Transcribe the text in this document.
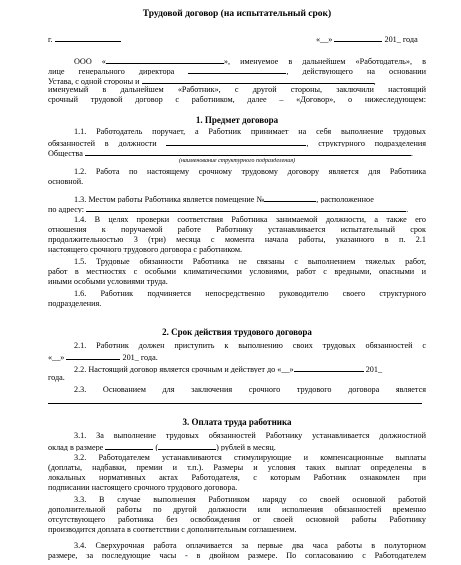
Трудовой договор (на испытательный срок)
г.	«__»	201_ года
ООО «	», именуемое в дальнейшем «Работодатель», в
лице генерального директора	, действующего на основании
Устава, с одной стороны и	,
именуемый в дальнейшем «Работник», с другой стороны, заключили настоящий
срочный трудовой договор с работником, далее – «Договор», о нижеследующем:
1. Предмет договора
1.1. Работодатель поручает, а Работник принимает на себя выполнение трудовых
обязанностей в должности	, структурного подразделения
Общества	.
(наименование структурного подразделения)
1.2. Работа по настоящему срочному трудовому договору является для Работника
основной.
1.3. Местом работы Работника является помещение №	, расположенное
по адресу:	.
1.4. В целях проверки соответствия Работника занимаемой должности, а также его
отношения к поручаемой работе Работнику устанавливается испытательный срок
продолжительностью 3 (три) месяца с момента начала работы, указанного в п. 2.1
настоящего срочного трудового договора с работником.
1.5. Трудовые обязанности Работника не связаны с выполнением тяжелых работ,
работ в местностях с особыми климатическими условиями, работ с вредными, опасными и
иными особыми условиями труда.
1.6. Работник подчиняется непосредственно руководителю своего структурного
подразделения.
2. Срок действия трудового договора
2.1. Работник должен приступить к выполнению своих трудовых обязанностей с
«__»	201_ года.
2.2. Настоящий договор является срочным и действует до «__»	201_
года.
2.3. Основанием для заключения срочного трудового договора является
3. Оплата труда работника
3.1. За выполнение трудовых обязанностей Работнику устанавливается должностной
оклад в размере	(	) рублей в месяц.
3.2. Работодателем устанавливаются стимулирующие и компенсационные выплаты
(доплаты, надбавки, премии и т.п.). Размеры и условия таких выплат определены в
локальных нормативных актах Работодателя, с которым Работник ознакомлен при
подписании настоящего срочного трудового договора.
3.3. В случае выполнения Работником наряду со своей основной работой
дополнительной работы по другой должности или исполнения обязанностей временно
отсутствующего работника без освобождения от своей основной работы Работнику
производится доплата в соответствии с дополнительным соглашением.
3.4. Сверхурочная работа оплачивается за первые два часа работы в полуторном
размере, за последующие часы - в двойном размере. По согласованию с Работодателем
